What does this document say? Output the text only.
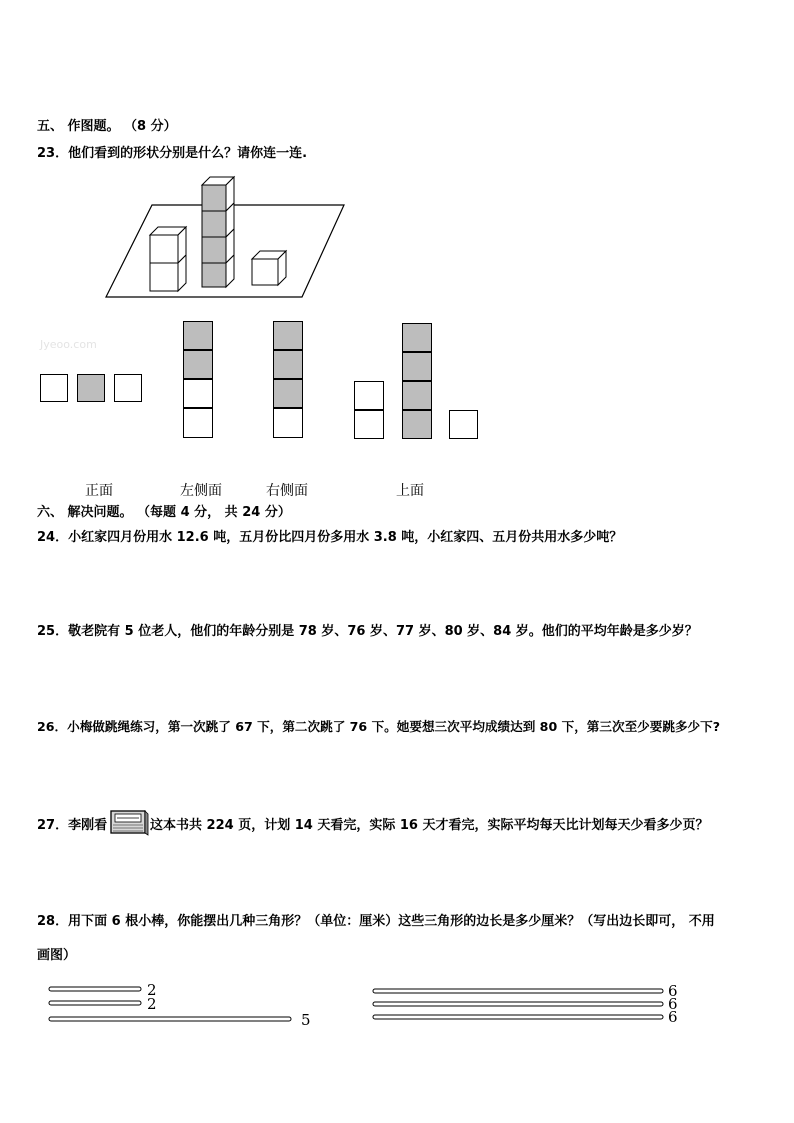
五、 作图题。 （8 分）
23．他们看到的形状分别是什么？请你连一连.
Jyeoo.com
正面	左侧面	右侧面	上面
六、 解决问题。 （每题 4 分， 共 24 分）
24．小红家四月份用水 12.6 吨，五月份比四月份多用水 3.8 吨，小红家四、五月份共用水多少吨？
25．敬老院有 5 位老人，他们的年龄分别是 78 岁、76 岁、77 岁、80 岁、84 岁。他们的平均年龄是多少岁？
26．小梅做跳绳练习，第一次跳了 67 下，第二次跳了 76 下。她要想三次平均成绩达到 80 下，第三次至少要跳多少下?
27．李刚看	这本书共 224 页，计划 14 天看完，实际 16 天才看完，实际平均每天比计划每天少看多少页？
28．用下面 6 根小棒，你能摆出几种三角形？（单位：厘米）这些三角形的边长是多少厘米？（写出边长即可， 不用
画图）
2
2
5
6
6
6
